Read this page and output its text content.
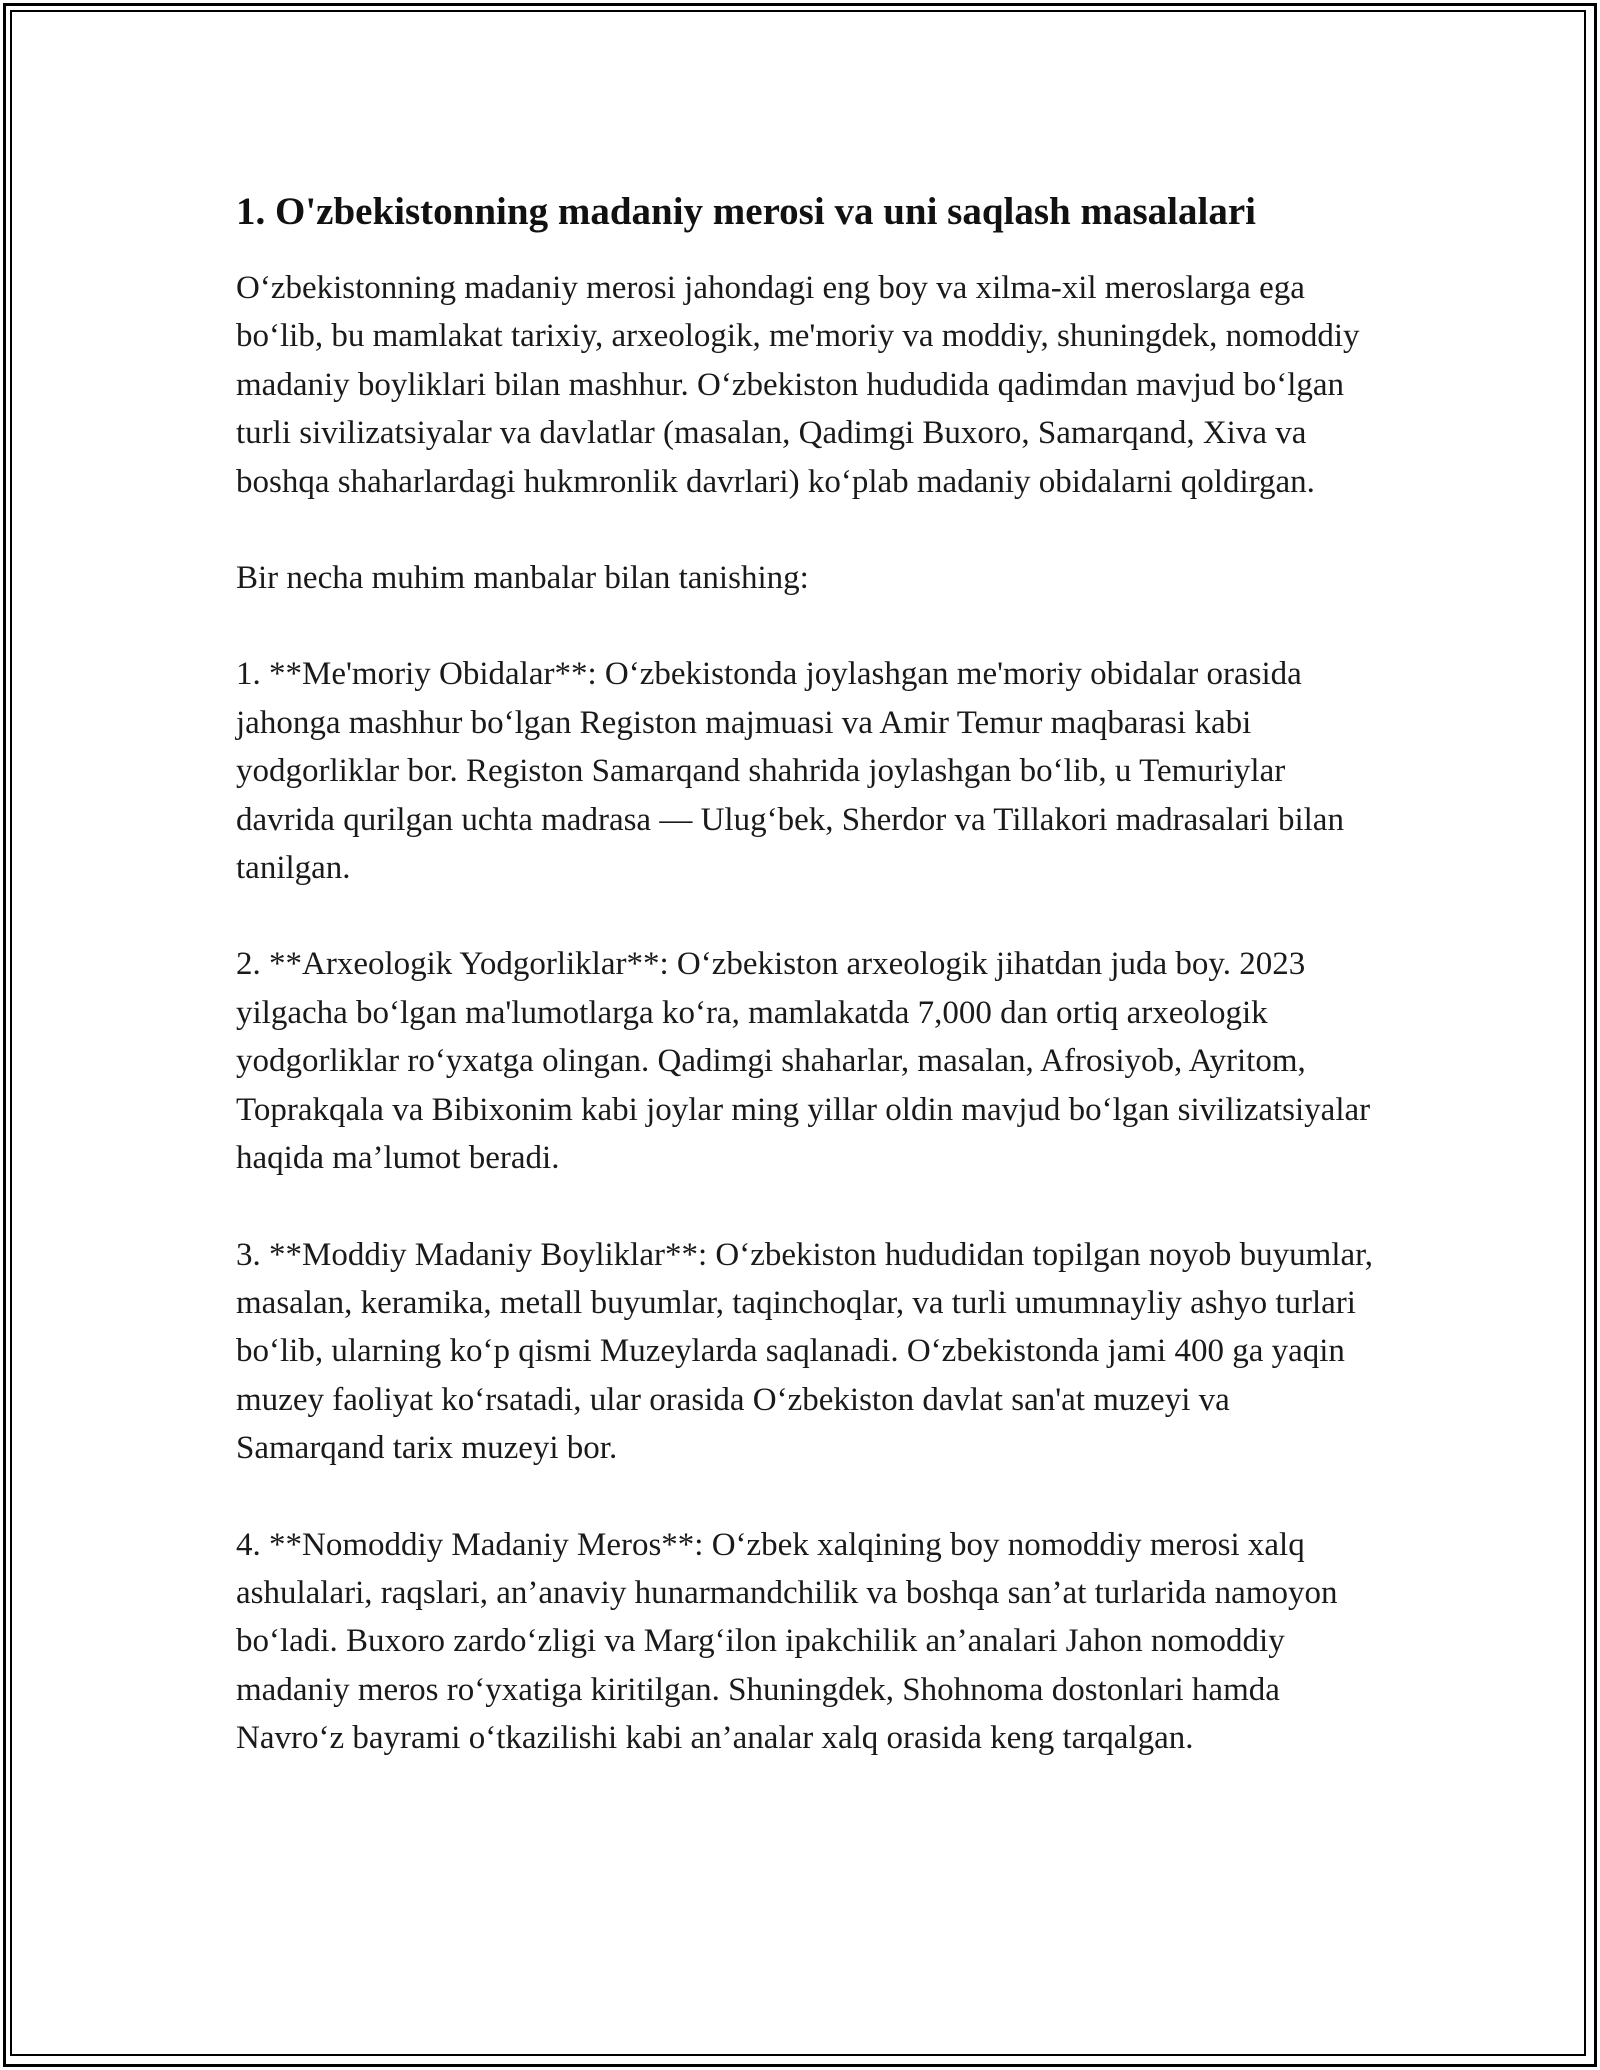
1. O'zbekistonning madaniy merosi va uni saqlash masalalari

O‘zbekistonning madaniy merosi jahondagi eng boy va xilma-xil meroslarga ega bo‘lib, bu mamlakat tarixiy, arxeologik, me'moriy va moddiy, shuningdek, nomoddiy madaniy boyliklari bilan mashhur. O‘zbekiston hududida qadimdan mavjud bo‘lgan turli sivilizatsiyalar va davlatlar (masalan, Qadimgi Buxoro, Samarqand, Xiva va boshqa shaharlardagi hukmronlik davrlari) ko‘plab madaniy obidalarni qoldirgan.

Bir necha muhim manbalar bilan tanishing:

1. **Me'moriy Obidalar**: O‘zbekistonda joylashgan me'moriy obidalar orasida jahonga mashhur bo‘lgan Registon majmuasi va Amir Temur maqbarasi kabi yodgorliklar bor. Registon Samarqand shahrida joylashgan bo‘lib, u Temuriylar davrida qurilgan uchta madrasa — Ulug‘bek, Sherdor va Tillakori madrasalari bilan tanilgan.

2. **Arxeologik Yodgorliklar**: O‘zbekiston arxeologik jihatdan juda boy. 2023 yilgacha bo‘lgan ma'lumotlarga ko‘ra, mamlakatda 7,000 dan ortiq arxeologik yodgorliklar ro‘yxatga olingan. Qadimgi shaharlar, masalan, Afrosiyob, Ayritom, Toprakqala va Bibixonim kabi joylar ming yillar oldin mavjud bo‘lgan sivilizatsiyalar haqida ma’lumot beradi.

3. **Moddiy Madaniy Boyliklar**: O‘zbekiston hududidan topilgan noyob buyumlar, masalan, keramika, metall buyumlar, taqinchoqlar, va turli umumnayliy ashyo turlari bo‘lib, ularning ko‘p qismi Muzeylarda saqlanadi. O‘zbekistonda jami 400 ga yaqin muzey faoliyat ko‘rsatadi, ular orasida O‘zbekiston davlat san'at muzeyi va Samarqand tarix muzeyi bor.

4. **Nomoddiy Madaniy Meros**: O‘zbek xalqining boy nomoddiy merosi xalq ashulalari, raqslari, an’anaviy hunarmandchilik va boshqa san’at turlarida namoyon bo‘ladi. Buxoro zardo‘zligi va Marg‘ilon ipakchilik an’analari Jahon nomoddiy madaniy meros ro‘yxatiga kiritilgan. Shuningdek, Shohnoma dostonlari hamda Navro‘z bayrami o‘tkazilishi kabi an’analar xalq orasida keng tarqalgan.
